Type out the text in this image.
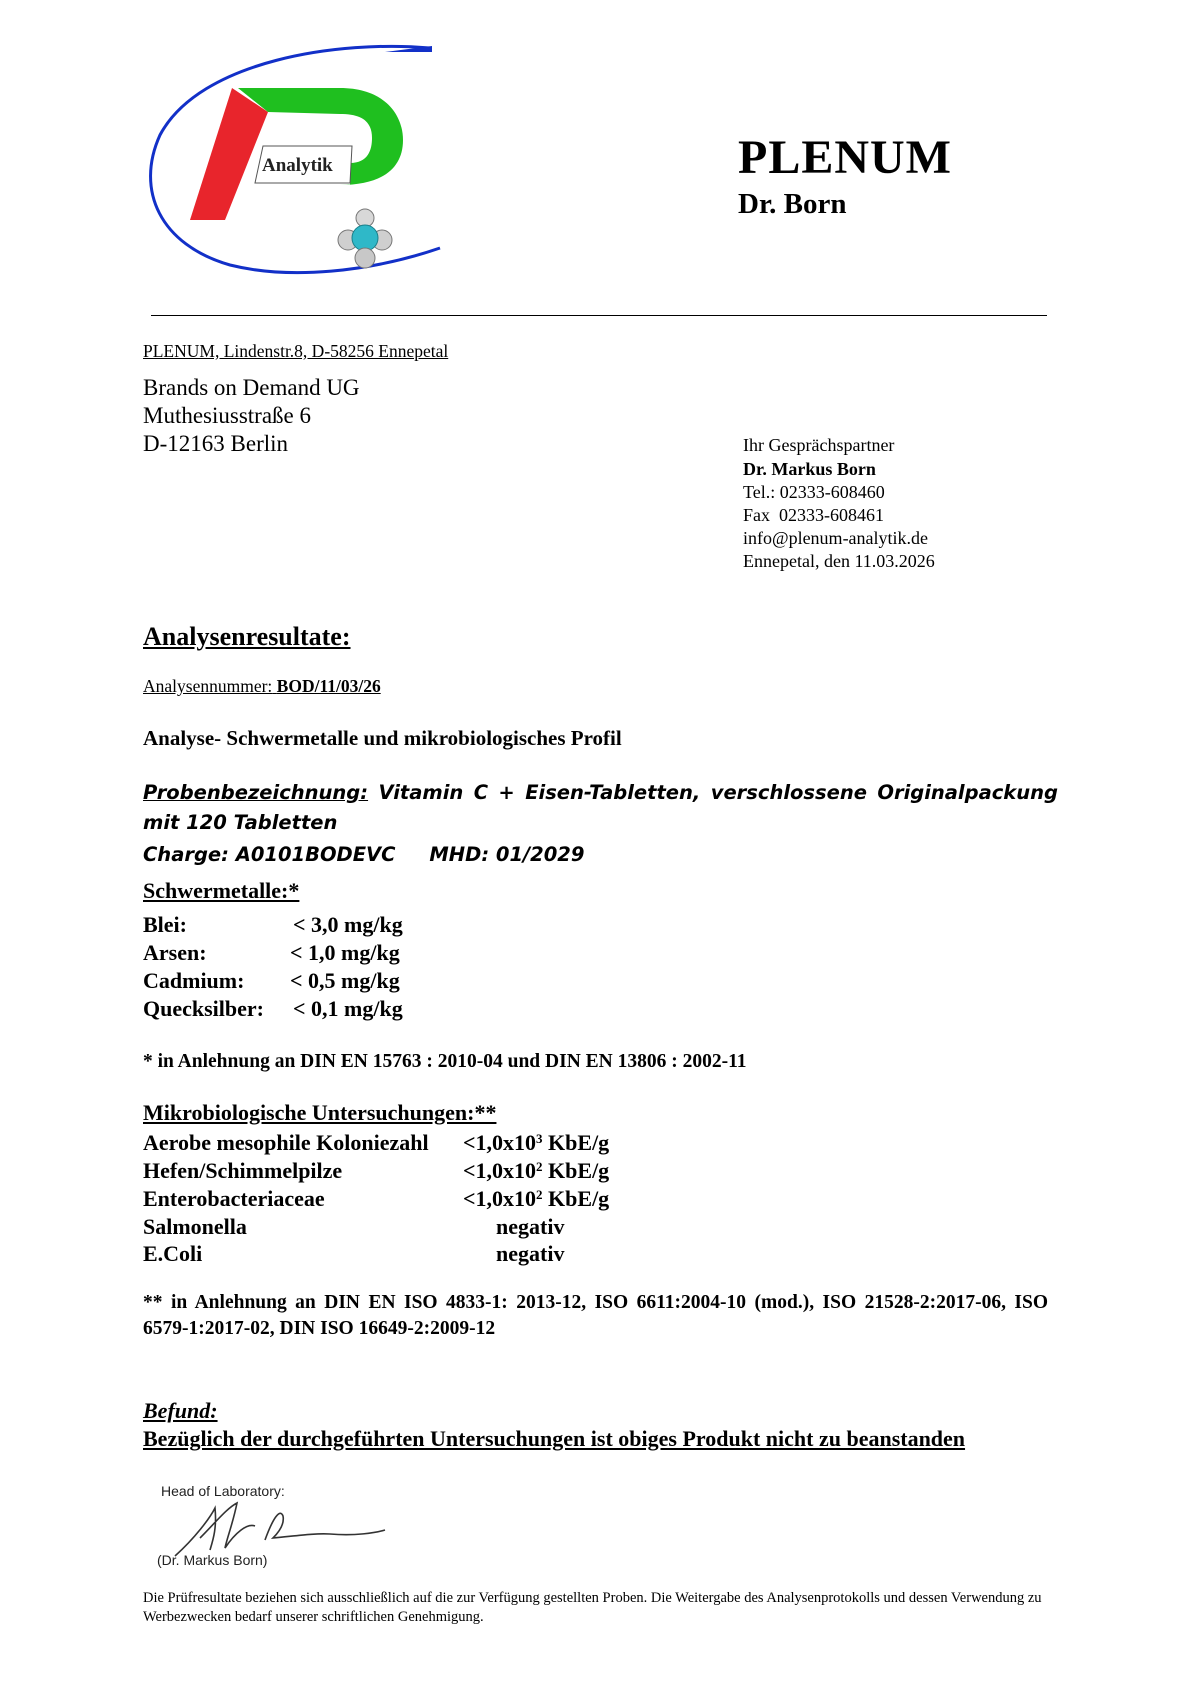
Analytik	PLENUM
Dr. Born
PLENUM, Lindenstr.8, D-58256 Ennepetal
Brands on Demand UG
Muthesiusstraße 6
D-12163 Berlin	Ihr Gesprächspartner
Dr. Markus Born
Tel.: 02333-608460
Fax  02333-608461
info@plenum-analytik.de
Ennepetal, den 11.03.2026
Analysenresultate:
Analysennummer: BOD/11/03/26
Analyse- Schwermetalle und mikrobiologisches Profil
Probenbezeichnung: Vitamin C + Eisen-Tabletten, verschlossene Originalpackung mit 120 Tabletten
Charge: A0101BODEVC MHD: 01/2029
Schwermetalle:*
Blei:	< 3,0 mg/kg
Arsen:	< 1,0 mg/kg
Cadmium: < 0,5 mg/kg
Quecksilber: < 0,1 mg/kg
* in Anlehnung an DIN EN 15763 : 2010-04 und DIN EN 13806 : 2002-11
Mikrobiologische Untersuchungen:**
Aerobe mesophile Koloniezahl $<1,0x10^3$ KbE/g
Hefen/Schimmelpilze	$<1,0x10^2$ KbE/g
Enterobacteriaceae	$<1,0x10^2$ KbE/g
Salmonella	negativ
E.Coli	negativ
** in Anlehnung an DIN EN ISO 4833-1: 2013-12, ISO 6611:2004-10 (mod.), ISO 21528-2:2017-06, ISO 6579-1:2017-02, DIN ISO 16649-2:2009-12
Befund:
Bezüglich der durchgeführten Untersuchungen ist obiges Produkt nicht zu beanstanden
Head of Laboratory:
(Dr. Markus Born)
Die Prüfresultate beziehen sich ausschließlich auf die zur Verfügung gestellten Proben. Die Weitergabe des Analysenprotokolls und dessen Verwendung zu Werbezwecken bedarf unserer schriftlichen Genehmigung.
